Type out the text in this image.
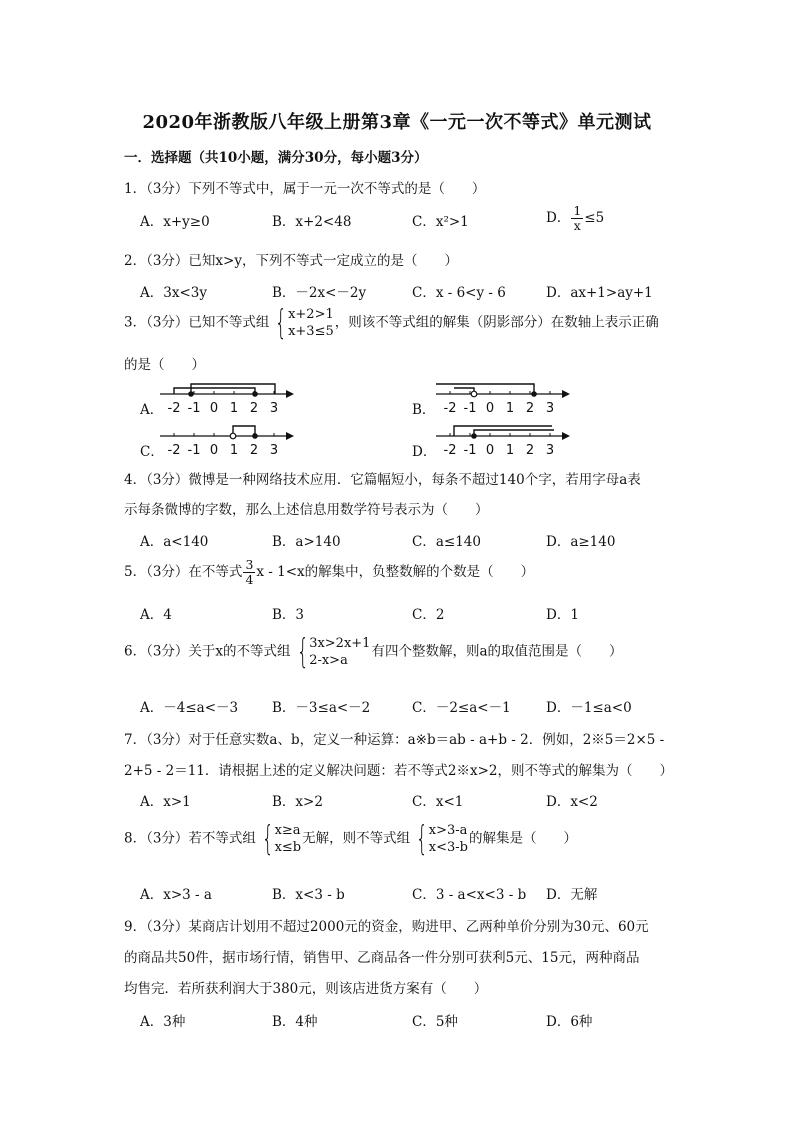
2020年浙教版八年级上册第3章《一元一次不等式》单元测试
一．选择题（共10小题，满分30分，每小题3分）
1．（3分）下列不等式中，属于一元一次不等式的是（　　）
A．x+y≥0	B．x+2<48	C．x²>1	D． $\frac{1}{x} \le 5$
2．（3分）已知x>y，下列不等式一定成立的是（　　）
A．3x<3y	B．－2x<－2y	C．x - 6<y - 6	D．ax+1>ay+1
3．（3分）已知不等式组 { x+2>1
x+3≤5
，则该不等式组的解集（阴影部分）在数轴上表示正确
的是（　　）
A． -2 -1 0 1 2 3	B． -2 -1 0 1 2 3
C． -2 -1 0 1 2 3	D． -2 -1 0 1 2 3
4．（3分）微博是一种网络技术应用．它篇幅短小，每条不超过140个字，若用字母a表
示每条微博的字数，那么上述信息用数学符号表示为（　　）
A．a<140	B．a>140	C．a≤140	D．a≥140
5．（3分）在不等式 $\frac{3}{4}$ x - 1<x的解集中，负整数解的个数是（　　）
A．4	B．3	C．2	D．1
6．（3分）关于x的不等式组 { 3x>2x+1
2-x>a
有四个整数解，则a的取值范围是（　　）
A．－4≤a<－3	B．－3≤a<－2	C．－2≤a<－1	D．－1≤a<0
7．（3分）对于任意实数a、b，定义一种运算：a※b＝ab - a+b - 2．例如，2※5＝2×5 -
2+5 - 2＝11．请根据上述的定义解决问题：若不等式2※x>2，则不等式的解集为（　　）
A．x>1	B．x>2	C．x<1	D．x<2
8．（3分）若不等式组 { x≥a
x≤b
无解，则不等式组 { x>3-a
x<3-b
的解集是（　　）
A．x>3 - a	B．x<3 - b	C．3 - a<x<3 - b D．无解
9．（3分）某商店计划用不超过2000元的资金，购进甲、乙两种单价分别为30元、60元
的商品共50件，据市场行情，销售甲、乙商品各一件分别可获利5元、15元，两种商品
均售完．若所获利润大于380元，则该店进货方案有（　　）
A．3种	B．4种	C．5种	D．6种
